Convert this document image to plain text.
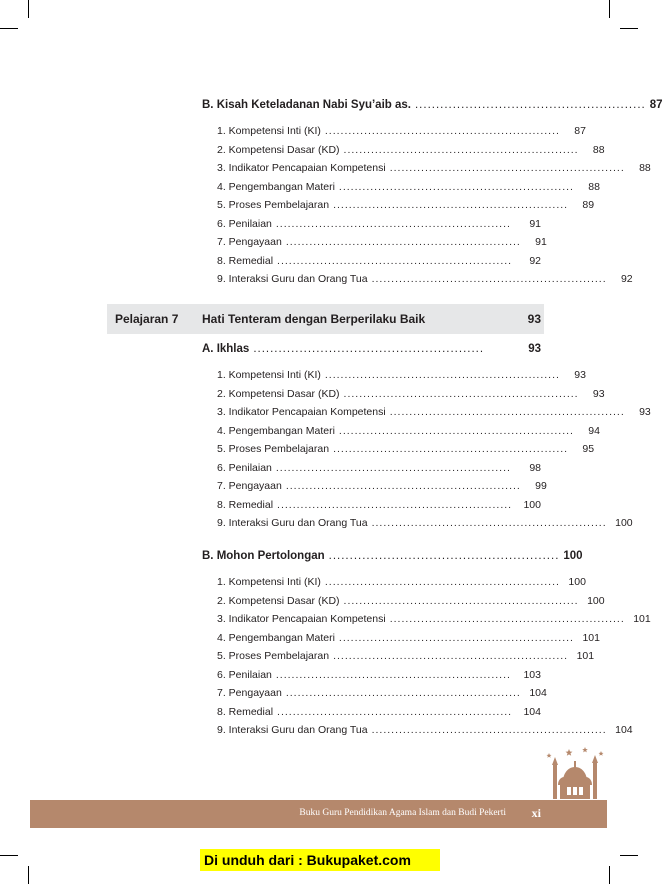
B. Kisah Keteladanan Nabi Syu’aib as. ....................................................... 87
1. Kompetensi Inti (KI) ............................................................	87
2. Kompetensi Dasar (KD) ............................................................	88
3. Indikator Pencapaian Kompetensi ............................................................	88
4. Pengembangan Materi ............................................................	88
5. Proses Pembelajaran ............................................................	89
6. Penilaian ............................................................	91
7. Pengayaan ............................................................	91
8. Remedial ............................................................	92
9. Interaksi Guru dan Orang Tua ............................................................	92
Pelajaran 7 Hati Tenteram dengan Berperilaku Baik	93
A. Ikhlas .......................................................	93
1. Kompetensi Inti (KI) ............................................................	93
2. Kompetensi Dasar (KD) ............................................................	93
3. Indikator Pencapaian Kompetensi ............................................................	93
4. Pengembangan Materi ............................................................	94
5. Proses Pembelajaran ............................................................	95
6. Penilaian ............................................................	98
7. Pengayaan ............................................................	99
8. Remedial ............................................................	100
9. Interaksi Guru dan Orang Tua ............................................................ 100
B. Mohon Pertolongan ....................................................... 100
1. Kompetensi Inti (KI) ............................................................ 100
2. Kompetensi Dasar (KD) ............................................................ 100
3. Indikator Pencapaian Kompetensi ............................................................ 101
4. Pengembangan Materi ............................................................ 101
5. Proses Pembelajaran ............................................................ 101
6. Penilaian ............................................................	103
7. Pengayaan ............................................................ 104
8. Remedial ............................................................	104
9. Interaksi Guru dan Orang Tua ............................................................ 104
Buku Guru Pendidikan Agama Islam dan Budi Pekerti	xi
Di unduh dari : Bukupaket.com
